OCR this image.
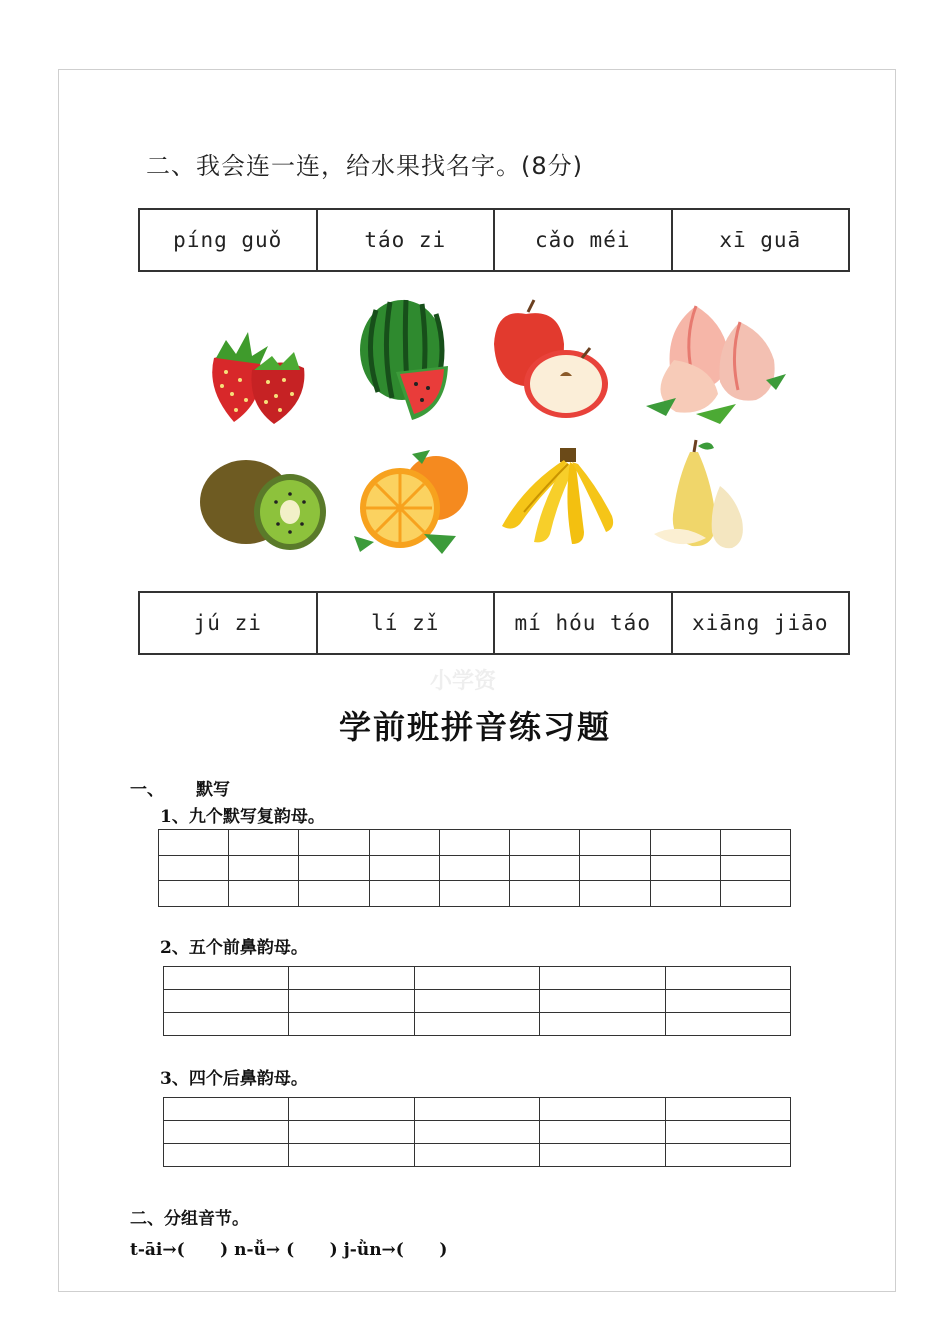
二、我会连一连，给水果找名字。(8分)
píng guǒ	táo zi	cǎo méi	xī guā
jú zi	lí zǐ	mí hóu táo	xiāng jiāo
小学资
学前班拼音练习题
一、 默写
1、九个默写复韵母。

2、五个前鼻韵母。

3、四个后鼻韵母。

二、分组音节。
t-āi→(      ) n-ǚ→ (      ) j-ǜn→(      )
